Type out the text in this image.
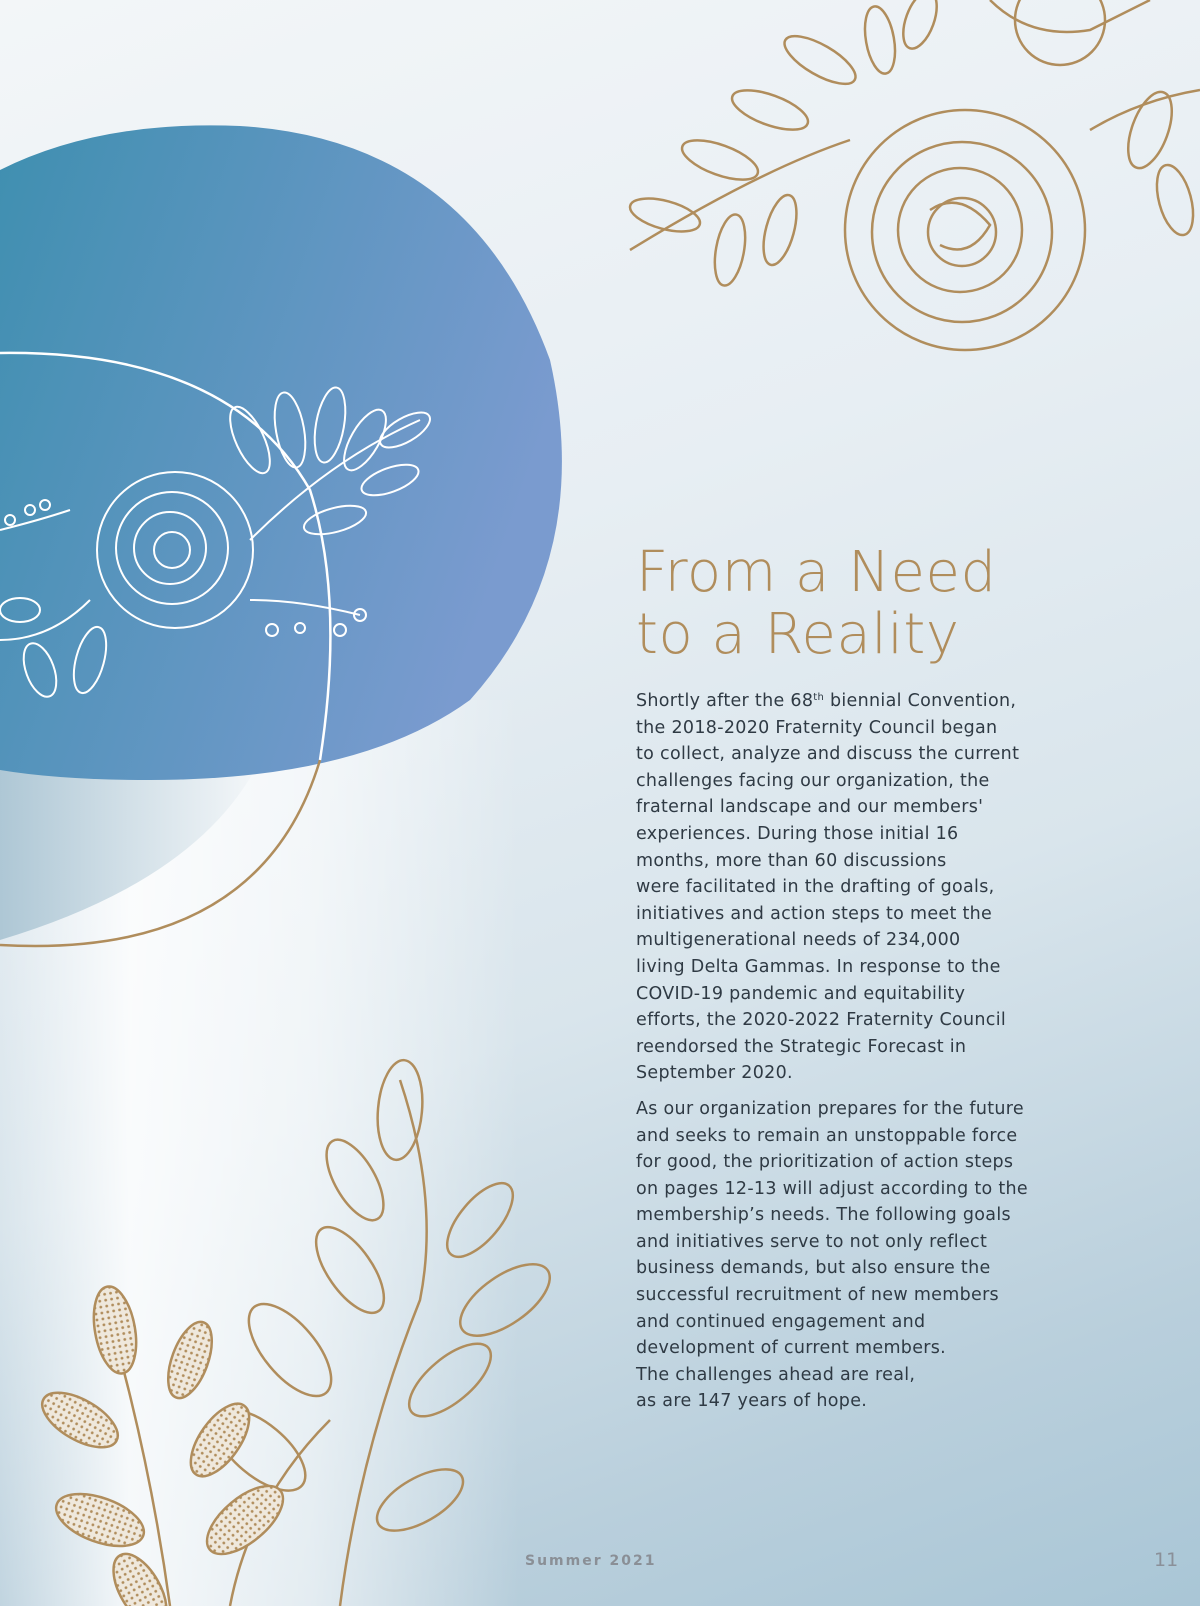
From a Need
to a Reality
Shortly after the 68th biennial Convention,
the 2018-2020 Fraternity Council began
to collect, analyze and discuss the current
challenges facing our organization, the
fraternal landscape and our members'
experiences. During those initial 16
months, more than 60 discussions
were facilitated in the drafting of goals,
initiatives and action steps to meet the
multigenerational needs of 234,000
living Delta Gammas. In response to the
COVID-19 pandemic and equitability
efforts, the 2020-2022 Fraternity Council
reendorsed the Strategic Forecast in
September 2020.
As our organization prepares for the future
and seeks to remain an unstoppable force
for good, the prioritization of action steps
on pages 12-13 will adjust according to the
membership’s needs. The following goals
and initiatives serve to not only reflect
business demands, but also ensure the
successful recruitment of new members
and continued engagement and
development of current members.
The challenges ahead are real,
as are 147 years of hope.
Summer 2021	11
